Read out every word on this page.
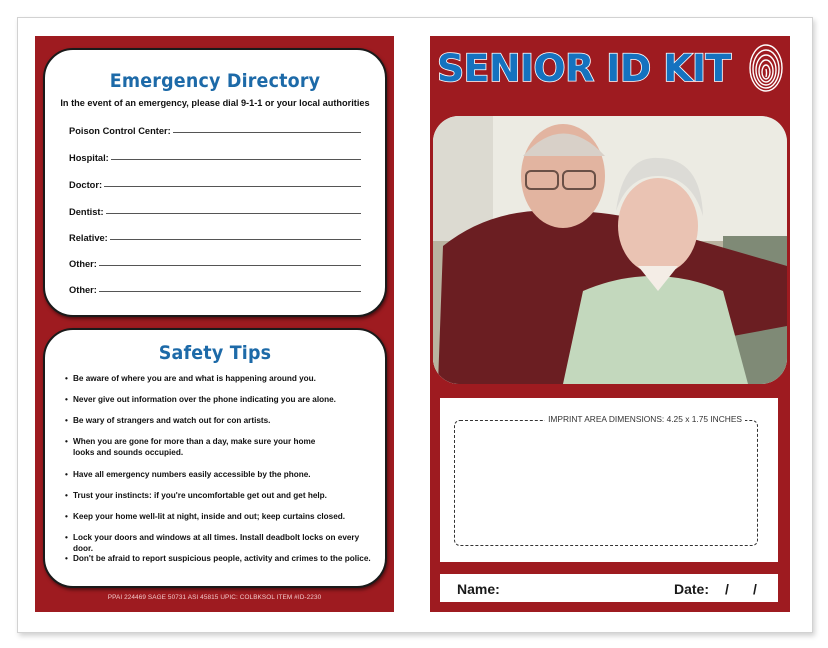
Emergency Directory
In the event of an emergency, please dial 9-1-1 or your local authorities
Poison Control Center:
Hospital:
Doctor:
Dentist:
Relative:
Other:
Other:
Safety Tips
• Be aware of where you are and what is happening around you.
• Never give out information over the phone indicating you are alone.
• Be wary of strangers and watch out for con artists.
• When you are gone for more than a day, make sure your home looks and sounds occupied.
• Have all emergency numbers easily accessible by the phone.
• Trust your instincts: if you're uncomfortable get out and get help.
• Keep your home well-lit at night, inside and out; keep curtains closed.
• Lock your doors and windows at all times. Install deadbolt locks on every door.
• Don't be afraid to report suspicious people, activity and crimes to the police.
PPAI 224469 SAGE 50731 ASI 45815 UPIC: COLBKSOL ITEM #ID-2230
SENIOR ID KIT
IMPRINT AREA DIMENSIONS: 4.25 x 1.75 INCHES
Name:	Date: / /
